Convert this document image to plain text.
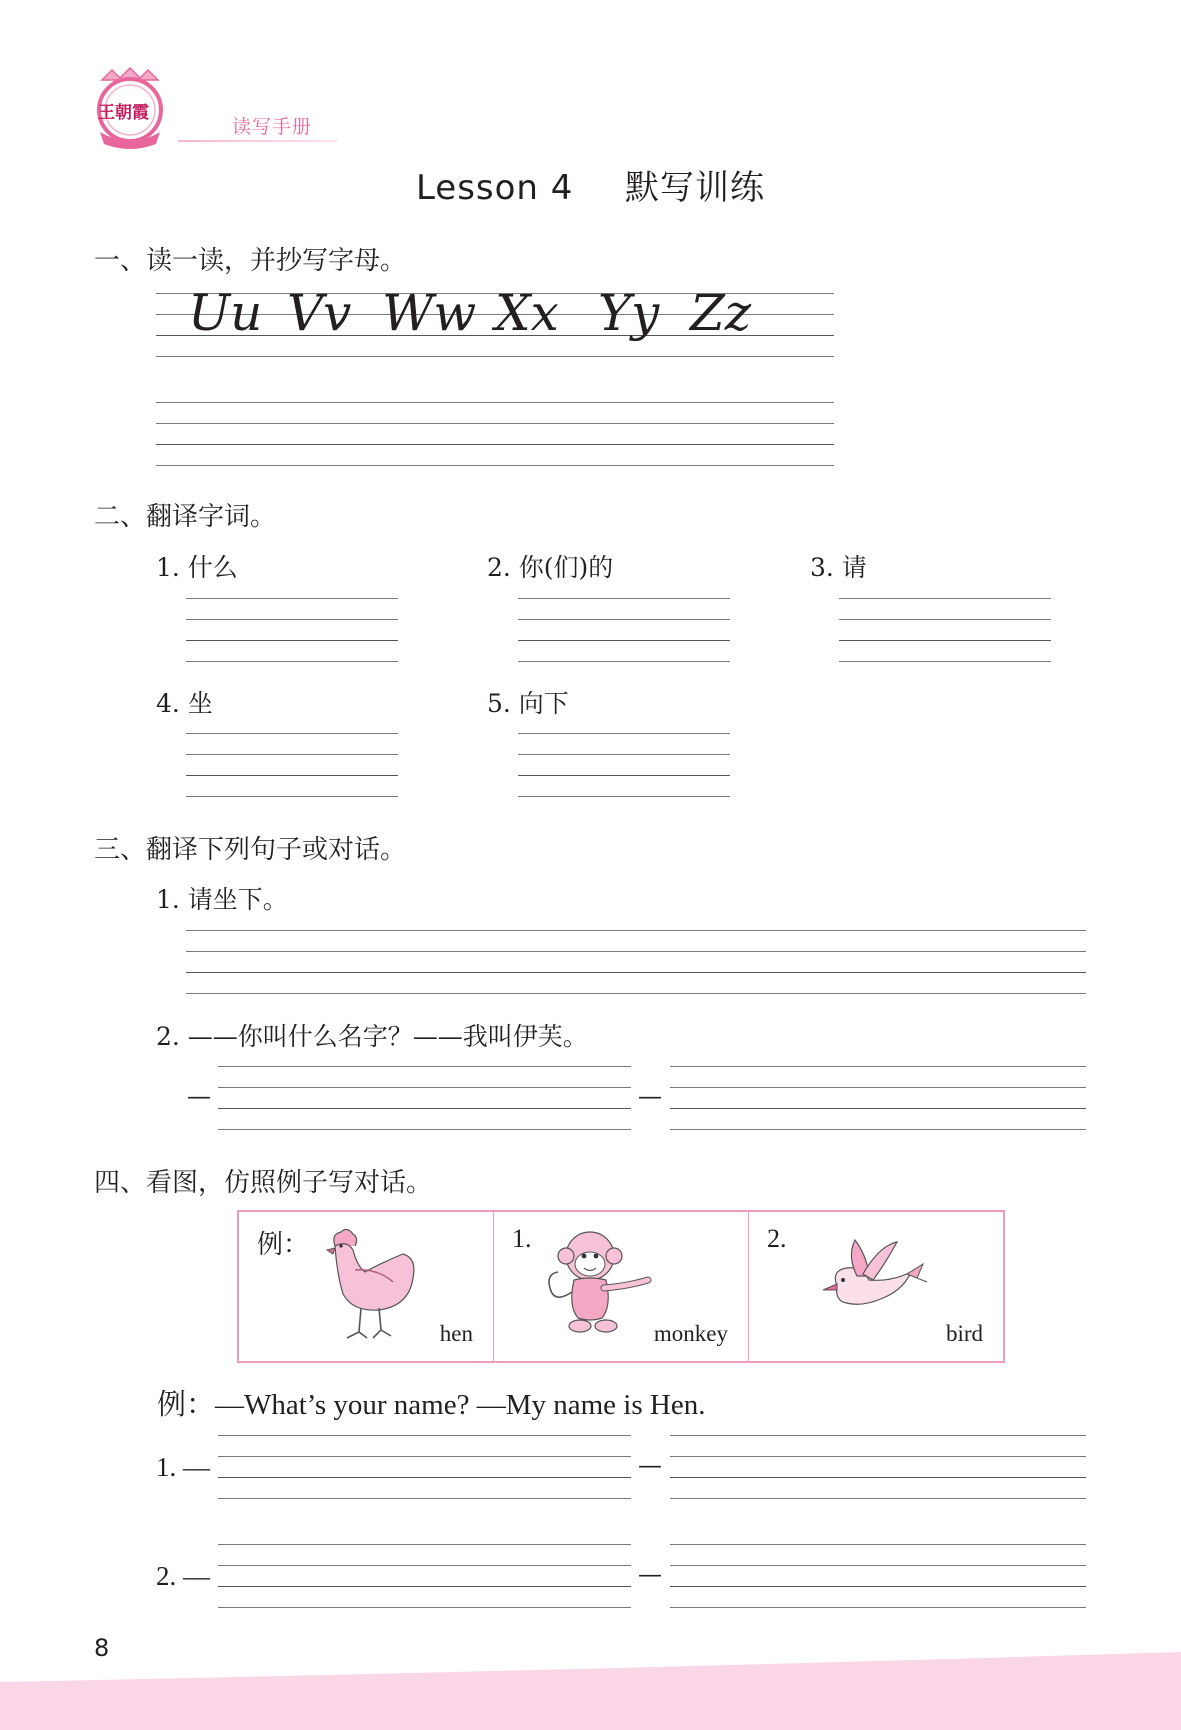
王朝霞
读写手册
Lesson 4 默写训练
一、读一读，并抄写字母。
Uu Vv Ww Xx Yy Zz
二、翻译字词。
1. 什么	2. 你(们)的	3. 请
4. 坐	5. 向下
三、翻译下列句子或对话。
1. 请坐下。
2. ——你叫什么名字？——我叫伊芙。
—	—
四、看图，仿照例子写对话。
例：
hen
1.
monkey
2.
bird
例：—What’s your name? —My name is Hen.
1. —	—
2. —	—
8
